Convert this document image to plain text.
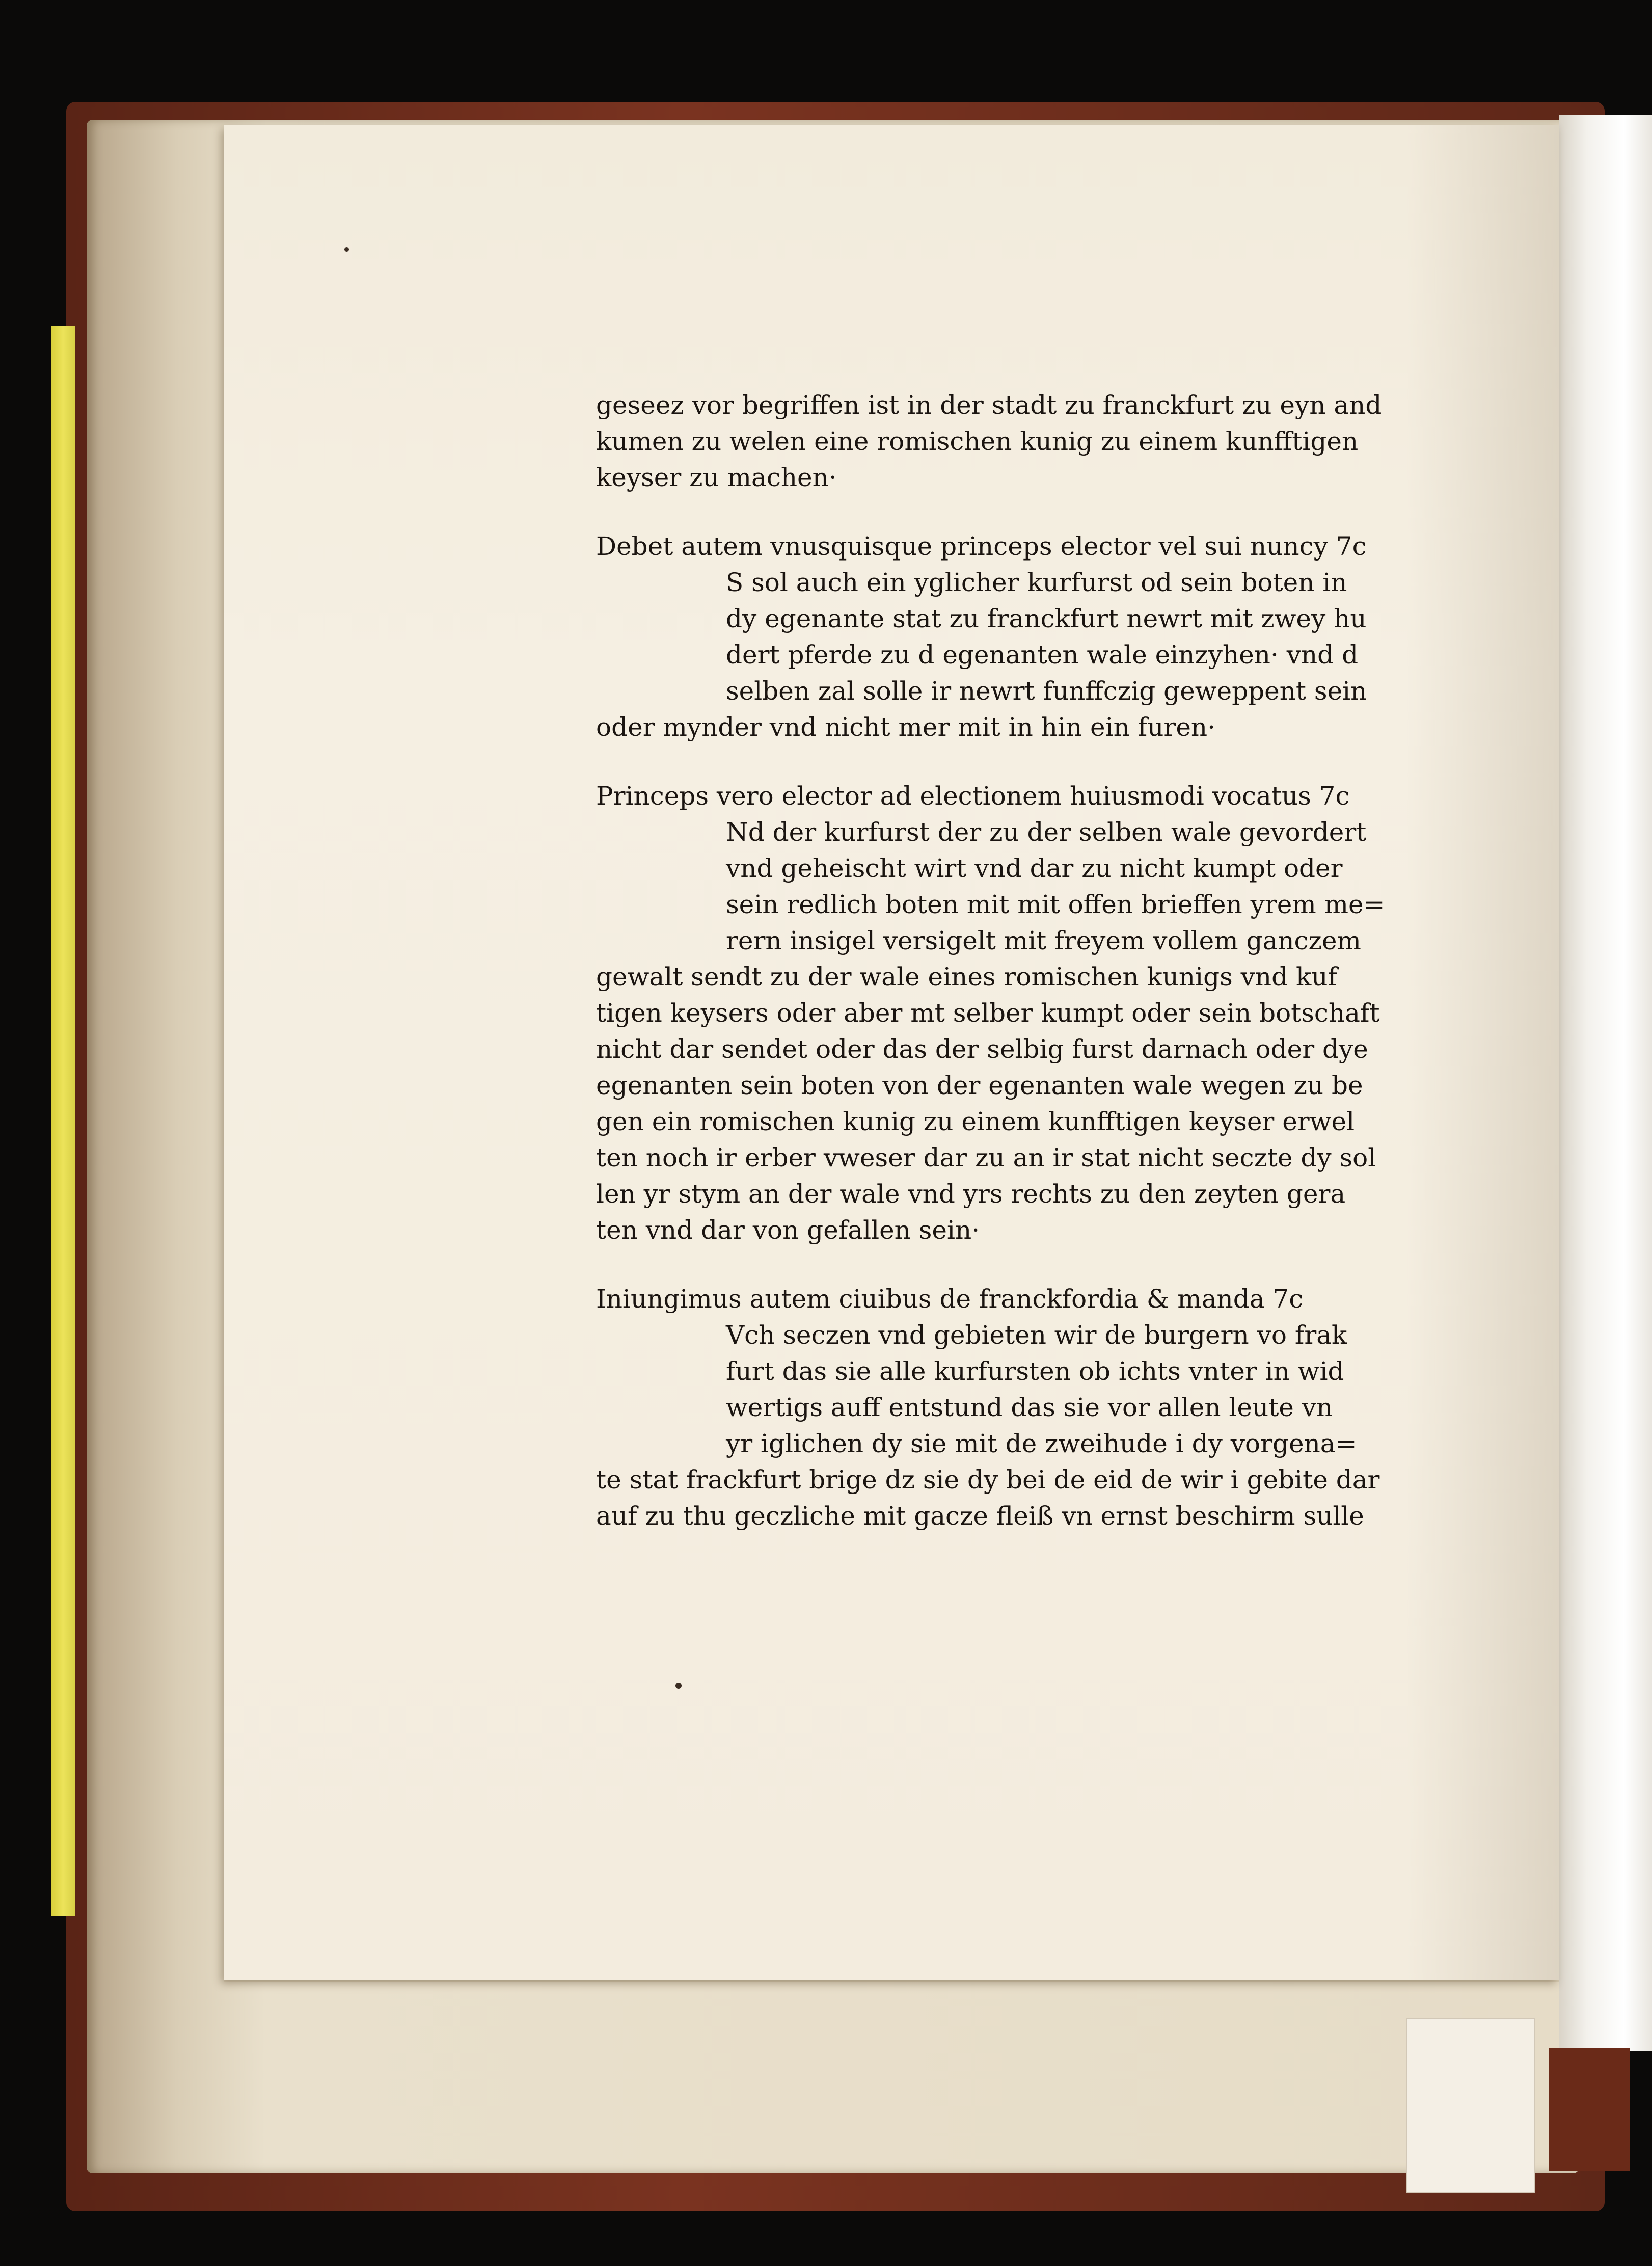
geseez vor begriffen ist in der stadt zu franckfurt zu eyn and
kumen zu welen eine romischen kunig zu einem kunfftigen
keyser zu machen·
Debet autem vnusquisque princeps elector vel sui nuncy 7c
S sol auch ein yglicher kurfurst od sein boten in
dy egenante stat zu franckfurt newrt mit zwey hu
dert pferde zu d egenanten wale einzyhen· vnd d
selben zal solle ir newrt funffczig geweppent sein
oder mynder vnd nicht mer mit in hin ein furen·
Princeps vero elector ad electionem huiusmodi vocatus 7c
Nd der kurfurst der zu der selben wale gevordert
vnd geheischt wirt vnd dar zu nicht kumpt oder
sein redlich boten mit mit offen brieffen yrem me=
rern insigel versigelt mit freyem vollem ganczem
gewalt sendt zu der wale eines romischen kunigs vnd kuf
tigen keysers oder aber mt selber kumpt oder sein botschaft
nicht dar sendet oder das der selbig furst darnach oder dye
egenanten sein boten von der egenanten wale wegen zu be
gen ein romischen kunig zu einem kunfftigen keyser erwel
ten noch ir erber vweser dar zu an ir stat nicht seczte dy sol
len yr stym an der wale vnd yrs rechts zu den zeyten gera
ten vnd dar von gefallen sein·
Iniungimus autem ciuibus de franckfordia & manda 7c
Vch seczen vnd gebieten wir de burgern vo frak
furt das sie alle kurfursten ob ichts vnter in wid
wertigs auff entstund das sie vor allen leute vn
yr iglichen dy sie mit de zweihude i dy vorgena=
te stat frackfurt brige dz sie dy bei de eid de wir i gebite dar
auf zu thu geczliche mit gacze fleiß vn ernst beschirm sulle
